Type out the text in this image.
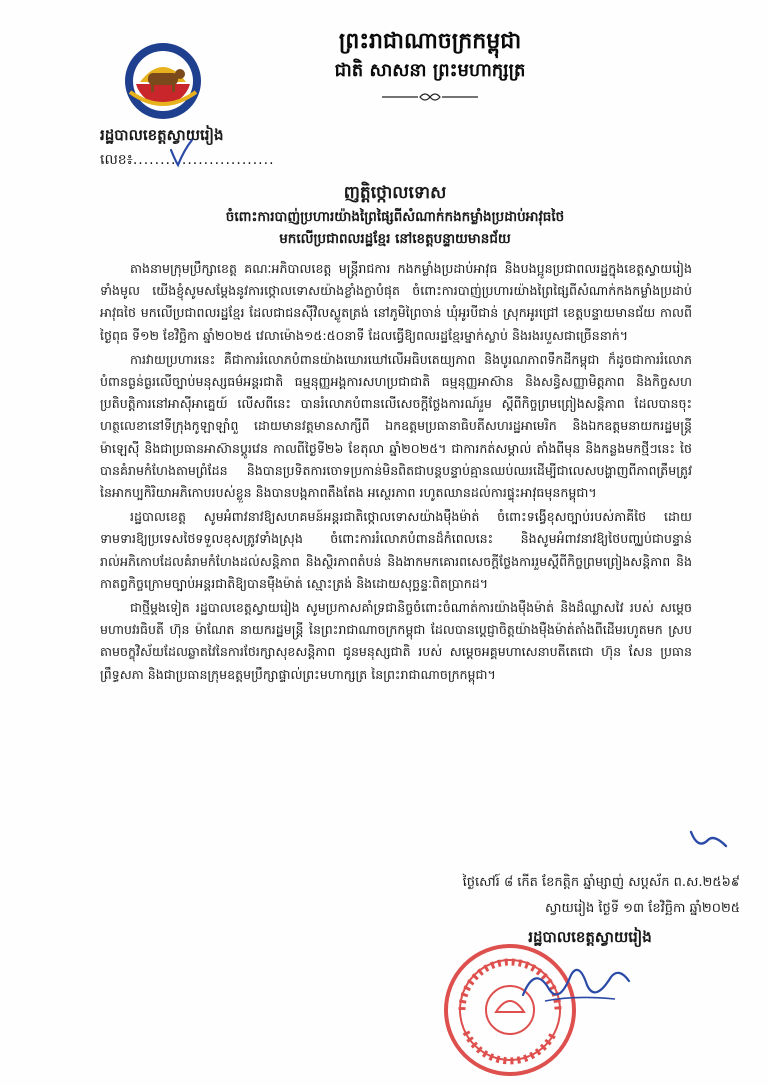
ព្រះរាជាណាចក្រកម្ពុជា
ជាតិ សាសនា ព្រះមហាក្សត្រ
រដ្ឋបាលខេត្តស្វាយរៀង
លេខ៖..........................
ញត្តិថ្កោលទោស
ចំពោះការបាញ់ប្រហារយ៉ាងព្រៃផ្សៃពីសំណាក់កងកម្លាំងប្រដាប់អាវុធថៃ
មកលើប្រជាពលរដ្ឋខ្មែរ នៅខេត្តបន្ទាយមានជ័យ

តាងនាមក្រុមប្រឹក្សាខេត្ត គណៈអភិបាលខេត្ត មន្ត្រីរាជការ កងកម្លាំងប្រដាប់អាវុធ និងបងប្អូនប្រជាពលរដ្ឋក្នុងខេត្តស្វាយរៀងទាំងមូល យើងខ្ញុំសូមសម្តែងនូវការថ្កោលទោសយ៉ាងខ្លាំងក្លាបំផុត ចំពោះការបាញ់ប្រហារយ៉ាងព្រៃផ្សៃពីសំណាក់កងកម្លាំងប្រដាប់អាវុធថៃ មកលើប្រជាពលរដ្ឋខ្មែរ ដែលជាជនស៊ីវិលស្លូតត្រង់ នៅភូមិព្រៃចាន់ ឃុំអូរបីជាន់ ស្រុកអូរជ្រៅ ខេត្តបន្ទាយមានជ័យ កាលពីថ្ងៃពុធ ទី១២ ខែវិច្ឆិកា ឆ្នាំ២០២៥ វេលាម៉ោង១៥:៥០នាទី ដែលធ្វើឱ្យពលរដ្ឋខ្មែរម្នាក់ស្លាប់ និងរងរបួសជាច្រើននាក់។

ការវាយប្រហារនេះ គឺជាការរំលោភបំពានយ៉ាងឃោរឃៅលើអធិបតេយ្យភាព និងបូរណភាពទឹកដីកម្ពុជា ក៏ដូចជាការរំលោភបំពានធ្ងន់ធ្ងរលើច្បាប់មនុស្សធម៌អន្តរជាតិ ធម្មនុញ្ញអង្គការសហប្រជាជាតិ ធម្មនុញ្ញអាស៊ាន និងសន្ធិសញ្ញាមិត្តភាព និងកិច្ចសហប្រតិបត្តិការនៅអាស៊ីអាគ្នេយ៍ លើសពីនេះ បានរំលោភបំពានលើសេចក្តីថ្លែងការណ៍រួម ស្តីពីកិច្ចព្រមព្រៀងសន្តិភាព ដែលបានចុះហត្ថលេខានៅទីក្រុងកូឡាឡាំពួ ដោយមានវត្តមានសាក្សីពី ឯកឧត្តមប្រធានាធិបតីសហរដ្ឋអាមេរិក និងឯកឧត្តមនាយករដ្ឋមន្ត្រីម៉ាឡេស៊ី និងជាប្រធានអាស៊ានប្តូរវេន កាលពីថ្ងៃទី២៦ ខែតុលា ឆ្នាំ២០២៥។ ជាការកត់សម្គាល់ តាំងពីមុន និងកន្លងមកថ្មីៗនេះ ថៃបានគំរាមកំហែងតាមព្រំដែន និងបានប្រទិតការចោទប្រកាន់មិនពិតជាបន្តបន្ទាប់គ្មានឈប់ឈរដើម្បីជាលេសបង្ហាញពីភាពត្រឹមត្រូវ នៃអាកប្បកិរិយាអភិកោបរបស់ខ្លួន និងបានបង្កភាពតឹងតែង អស្ថេរភាព រហូតឈានដល់ការផ្ទុះអាវុធមុនកម្ពុជា។

រដ្ឋបាលខេត្ត សូមអំពាវនាវឱ្យសហគមន៍អន្តរជាតិថ្កោលទោសយ៉ាងម៉ឺងម៉ាត់ ចំពោះទង្វើខុសច្បាប់របស់ភាគីថៃ ដោយទាមទារឱ្យប្រទេសថៃទទួលខុសត្រូវទាំងស្រុង ចំពោះការរំលោភបំពានដ៏កំពេលនេះ និងសូមអំពាវនាវឱ្យថៃបញ្ឈប់ជាបន្ទាន់រាល់អភិកោបដែលគំរាមកំហែងដល់សន្តិភាព និងស្ថិរភាពតំបន់ និងងាកមកគោរពសេចក្តីថ្លែងការរួមស្តីពីកិច្ចព្រមព្រៀងសន្តិភាព និងកាតព្វកិច្ចក្រោមច្បាប់អន្តរជាតិឱ្យបានម៉ឺងម៉ាត់ ស្មោះត្រង់ និងដោយសុច្ឆន្ទៈពិតប្រាកដ។

ជាថ្មីម្តងទៀត រដ្ឋបាលខេត្តស្វាយរៀង សូមប្រកាសគាំទ្រជានិច្ចចំពោះចំណាត់ការយ៉ាងម៉ឺងម៉ាត់ និងដ៏ឈ្លាសវៃ របស់ សម្តេចមហាបវរធិបតី ហ៊ុន ម៉ាណែត នាយករដ្ឋមន្ត្រី នៃព្រះរាជាណាចក្រកម្ពុជា ដែលបានប្តេជ្ញាចិត្តយ៉ាងម៉ឺងម៉ាត់តាំងពីដើមរហូតមក ស្របតាមចក្ខុវិស័យដែលឆ្លាតវៃនៃការថែរក្សាសុខសន្តិភាព ជូនមនុស្សជាតិ របស់ សម្តេចអគ្គមហាសេនាបតីតេជោ ហ៊ុន សែន ប្រធានព្រឹទ្ធសភា និងជាប្រធានក្រុមឧត្តមប្រឹក្សាផ្ទាល់ព្រះមហាក្សត្រ នៃព្រះរាជាណាចក្រកម្ពុជា។

ថ្ងៃសៅរ៍ ៨ កើត ខែកត្តិក ឆ្នាំម្សាញ់ សប្តស័ក ព.ស.២៥៦៩
ស្វាយរៀង ថ្ងៃទី ១៣ ខែវិច្ឆិកា ឆ្នាំ២០២៥
រដ្ឋបាលខេត្តស្វាយរៀង
